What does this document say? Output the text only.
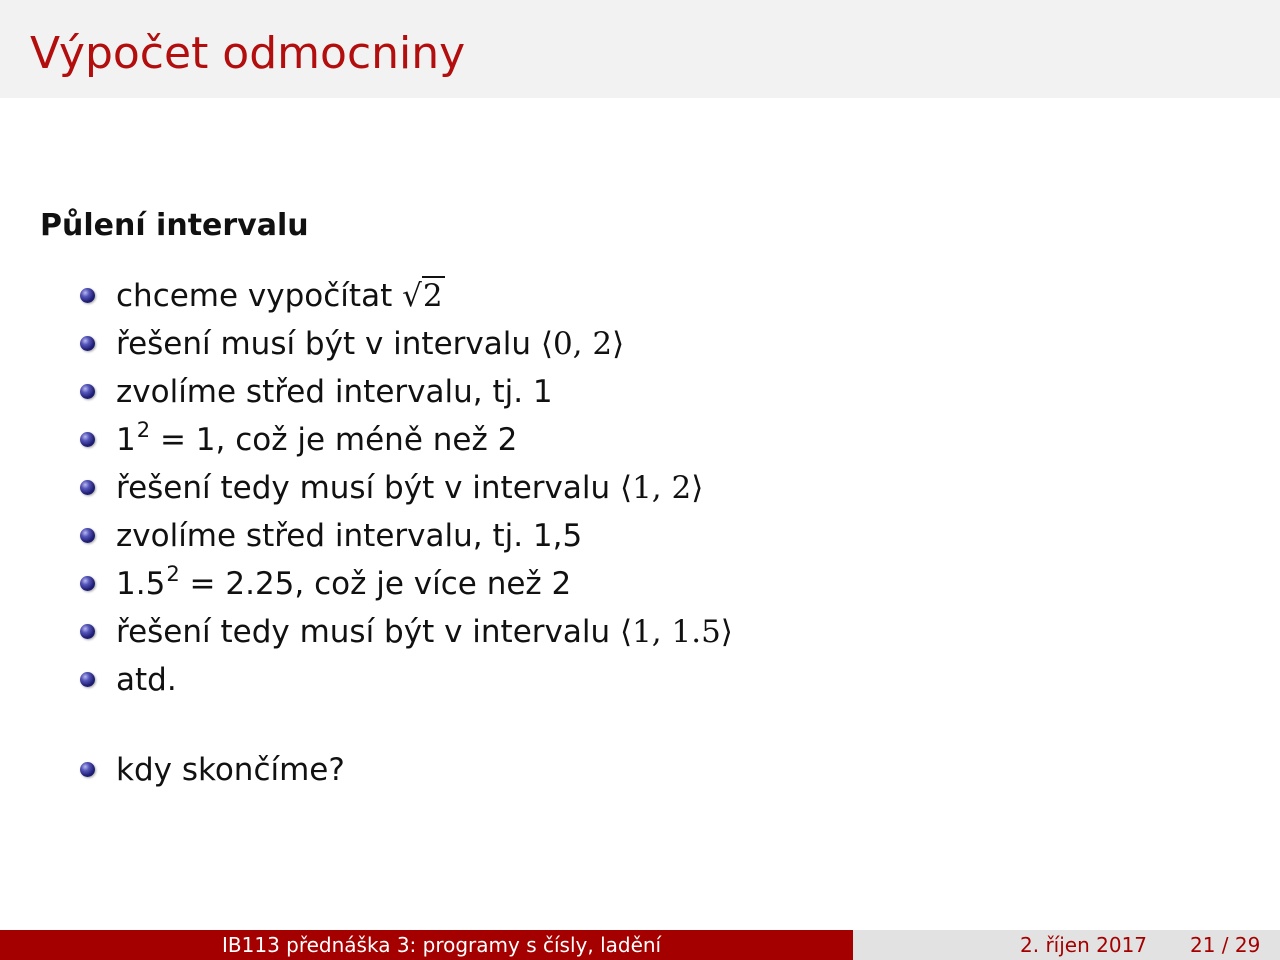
Výpočet odmocniny
Půlení intervalu
chceme vypočítat √2
řešení musí být v intervalu ⟨0, 2⟩
zvolíme střed intervalu, tj. 1
$1^2 = 1$, což je méně než 2
řešení tedy musí být v intervalu ⟨1, 2⟩
zvolíme střed intervalu, tj. 1,5
$1.5^2 = 2.25$, což je více než 2
řešení tedy musí být v intervalu ⟨1, 1.5⟩
atd.
kdy skončíme?
IB113 přednáška 3: programy s čísly, ladění	2. říjen 2017 21 / 29
